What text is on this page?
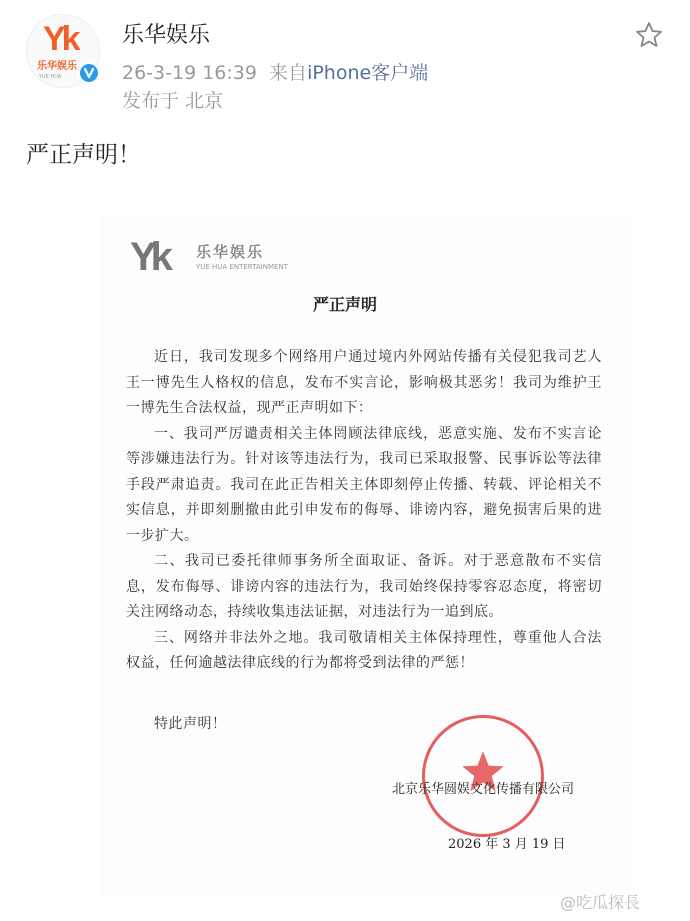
Yk
乐华娱乐
YUE HUA
乐华娱乐
26-3-19 16:39 来自iPhone客户端
发布于 北京
严正声明！
Yk 乐华娱乐
YUE HUA ENTERTAINMENT
严正声明

近日，我司发现多个网络用户通过境内外网站传播有关侵犯我司艺人王一博先生人格权的信息，发布不实言论，影响极其恶劣！我司为维护王一博先生合法权益，现严正声明如下：

一、我司严厉谴责相关主体罔顾法律底线，恶意实施、发布不实言论等涉嫌违法行为。针对该等违法行为，我司已采取报警、民事诉讼等法律手段严肃追责。我司在此正告相关主体即刻停止传播、转载、评论相关不实信息，并即刻删撤由此引申发布的侮辱、诽谤内容，避免损害后果的进一步扩大。

二、我司已委托律师事务所全面取证、备诉。对于恶意散布不实信息，发布侮辱、诽谤内容的违法行为，我司始终保持零容忍态度，将密切关注网络动态，持续收集违法证据，对违法行为一追到底。

三、网络并非法外之地。我司敬请相关主体保持理性，尊重他人合法权益，任何逾越法律底线的行为都将受到法律的严惩！

特此声明！

北京乐华圆娱文化传播有限公司
2026 年 3 月 19 日
@吃瓜探長
